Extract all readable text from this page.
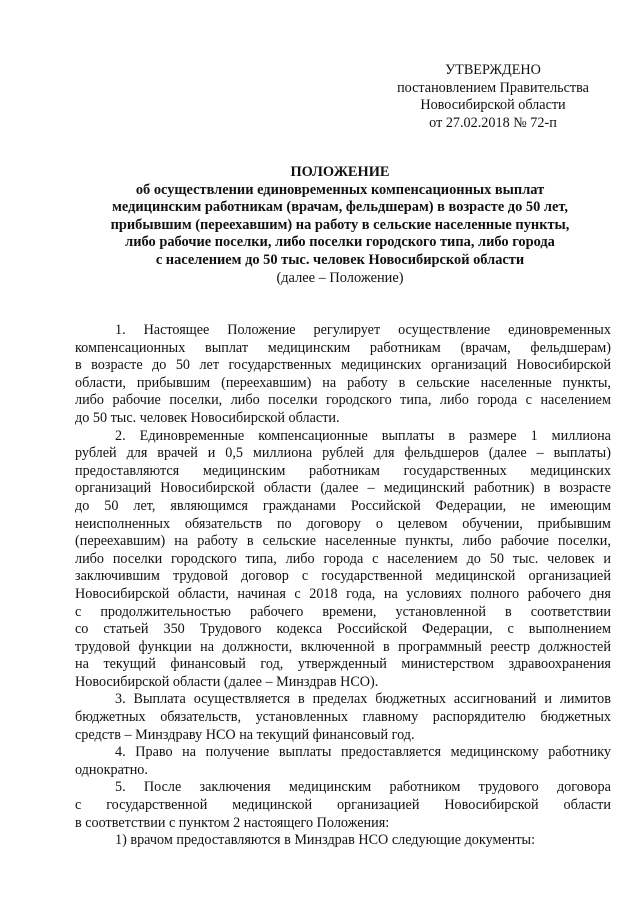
УТВЕРЖДЕНО
постановлением Правительства
Новосибирской области
от 27.02.2018 № 72-п
ПОЛОЖЕНИЕ
об осуществлении единовременных компенсационных выплат
медицинским работникам (врачам, фельдшерам) в возрасте до 50 лет,
прибывшим (переехавшим) на работу в сельские населенные пункты,
либо рабочие поселки, либо поселки городского типа, либо города
с населением до 50 тыс. человек Новосибирской области
(далее – Положение)
1. Настоящее Положение регулирует осуществление единовременных
компенсационных выплат медицинским работникам (врачам, фельдшерам)
в возрасте до 50 лет государственных медицинских организаций Новосибирской
области, прибывшим (переехавшим) на работу в сельские населенные пункты,
либо рабочие поселки, либо поселки городского типа, либо города с населением
до 50 тыс. человек Новосибирской области.
2. Единовременные компенсационные выплаты в размере 1 миллиона
рублей для врачей и 0,5 миллиона рублей для фельдшеров (далее – выплаты)
предоставляются медицинским работникам государственных медицинских
организаций Новосибирской области (далее – медицинский работник) в возрасте
до 50 лет, являющимся гражданами Российской Федерации, не имеющим
неисполненных обязательств по договору о целевом обучении, прибывшим
(переехавшим) на работу в сельские населенные пункты, либо рабочие поселки,
либо поселки городского типа, либо города с населением до 50 тыс. человек и
заключившим трудовой договор с государственной медицинской организацией
Новосибирской области, начиная с 2018 года, на условиях полного рабочего дня
с продолжительностью рабочего времени, установленной в соответствии
со статьей 350 Трудового кодекса Российской Федерации, с выполнением
трудовой функции на должности, включенной в программный реестр должностей
на текущий финансовый год, утвержденный министерством здравоохранения
Новосибирской области (далее – Минздрав НСО).
3. Выплата осуществляется в пределах бюджетных ассигнований и лимитов
бюджетных обязательств, установленных главному распорядителю бюджетных
средств – Минздраву НСО на текущий финансовый год.
4. Право на получение выплаты предоставляется медицинскому работнику
однократно.
5. После заключения медицинским работником трудового договора
с государственной медицинской организацией Новосибирской области
в соответствии с пунктом 2 настоящего Положения:
1) врачом предоставляются в Минздрав НСО следующие документы:
